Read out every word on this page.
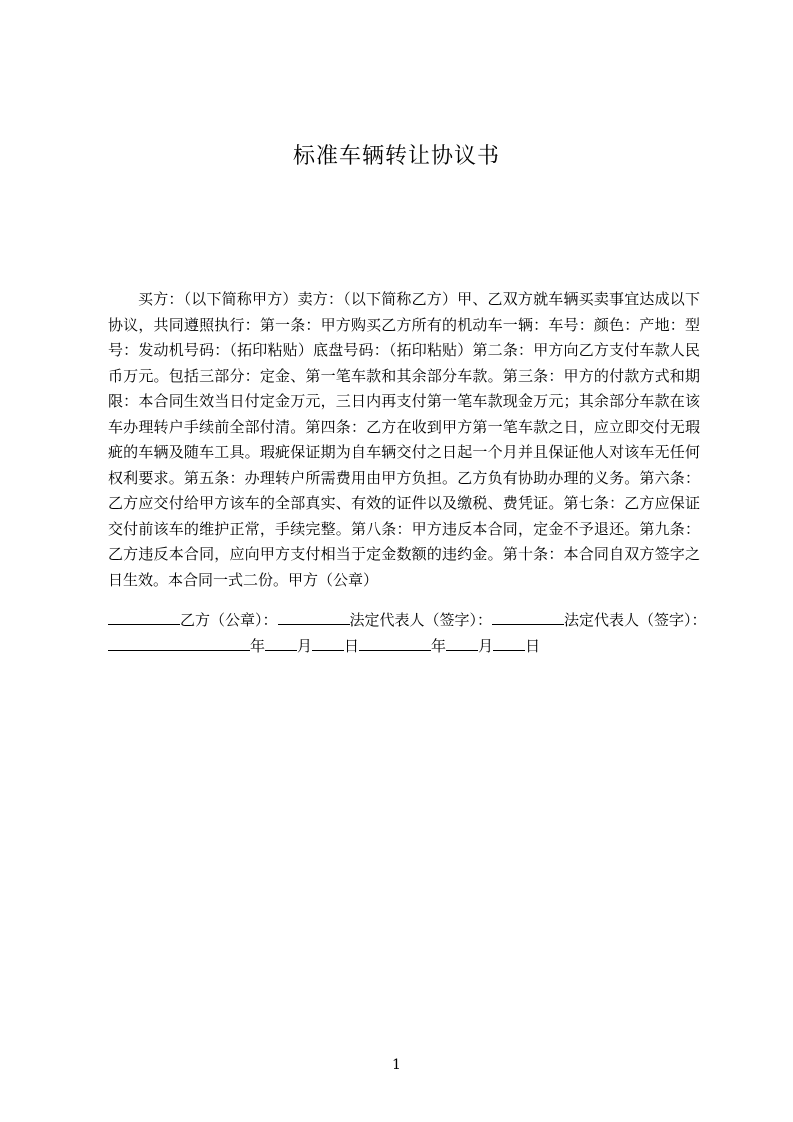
标准车辆转让协议书

买方：（以下简称甲方）卖方：（以下简称乙方）甲、乙双方就车辆买卖事宜达成以下协议，共同遵照执行：第一条：甲方购买乙方所有的机动车一辆：车号：颜色：产地：型号：发动机号码：（拓印粘贴）底盘号码：（拓印粘贴）第二条：甲方向乙方支付车款人民币万元。包括三部分：定金、第一笔车款和其余部分车款。第三条：甲方的付款方式和期限：本合同生效当日付定金万元，三日内再支付第一笔车款现金万元；其余部分车款在该车办理转户手续前全部付清。第四条：乙方在收到甲方第一笔车款之日，应立即交付无瑕疵的车辆及随车工具。瑕疵保证期为自车辆交付之日起一个月并且保证他人对该车无任何权利要求。第五条：办理转户所需费用由甲方负担。乙方负有协助办理的义务。第六条：乙方应交付给甲方该车的全部真实、有效的证件以及缴税、费凭证。第七条：乙方应保证交付前该车的维护正常，手续完整。第八条：甲方违反本合同，定金不予退还。第九条：乙方违反本合同，应向甲方支付相当于定金数额的违约金。第十条：本合同自双方签字之日生效。本合同一式二份。甲方（公章）

乙方（公章）：	法定代表人（签字）：	法定代表人（签字）：

年 月 日	年 月 日

1
